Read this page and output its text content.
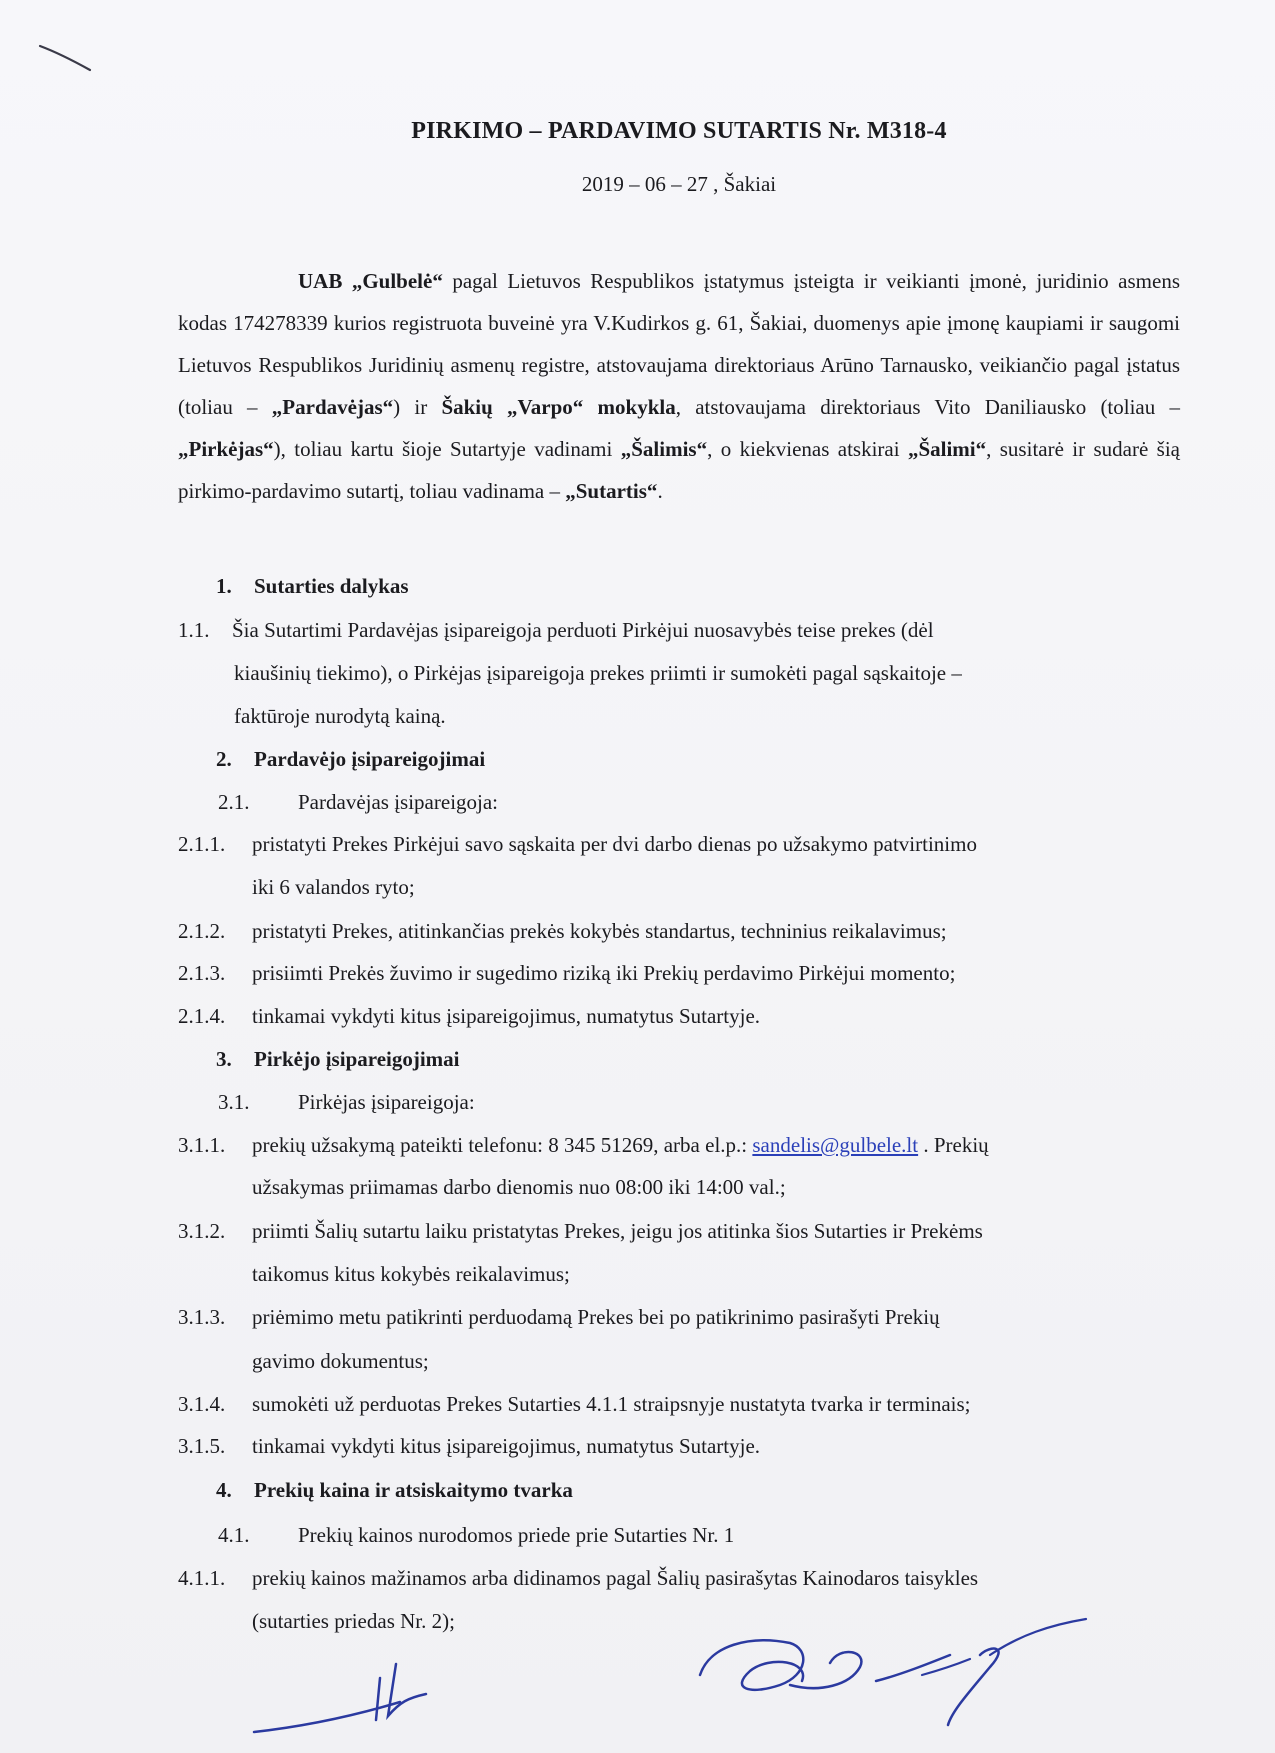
PIRKIMO – PARDAVIMO SUTARTIS Nr. M318-4
2019 – 06 – 27 , Šakiai
UAB „Gulbelė“ pagal Lietuvos Respublikos įstatymus įsteigta ir veikianti įmonė, juridinio asmens kodas 174278339 kurios registruota buveinė yra V.Kudirkos g. 61, Šakiai, duomenys apie įmonę kaupiami ir saugomi Lietuvos Respublikos Juridinių asmenų registre, atstovaujama direktoriaus Arūno Tarnausko, veikiančio pagal įstatus (toliau – „Pardavėjas“) ir Šakių „Varpo“ mokykla, atstovaujama direktoriaus Vito Daniliausko (toliau – „Pirkėjas“), toliau kartu šioje Sutartyje vadinami „Šalimis“, o kiekvienas atskirai „Šalimi“, susitarė ir sudarė šią pirkimo-pardavimo sutartį, toliau vadinama – „Sutartis“.
1. Sutarties dalykas
1.1. Šia Sutartimi Pardavėjas įsipareigoja perduoti Pirkėjui nuosavybės teise prekes (dėl
kiaušinių tiekimo), o Pirkėjas įsipareigoja prekes priimti ir sumokėti pagal sąskaitoje –
faktūroje nurodytą kainą.
2. Pardavėjo įsipareigojimai
2.1. Pardavėjas įsipareigoja:
2.1.1. pristatyti Prekes Pirkėjui savo sąskaita per dvi darbo dienas po užsakymo patvirtinimo
iki 6 valandos ryto;
2.1.2. pristatyti Prekes, atitinkančias prekės kokybės standartus, techninius reikalavimus;
2.1.3. prisiimti Prekės žuvimo ir sugedimo riziką iki Prekių perdavimo Pirkėjui momento;
2.1.4. tinkamai vykdyti kitus įsipareigojimus, numatytus Sutartyje.
3. Pirkėjo įsipareigojimai
3.1. Pirkėjas įsipareigoja:
3.1.1. prekių užsakymą pateikti telefonu: 8 345 51269, arba el.p.: sandelis@gulbele.lt . Prekių
užsakymas priimamas darbo dienomis nuo 08:00 iki 14:00 val.;
3.1.2. priimti Šalių sutartu laiku pristatytas Prekes, jeigu jos atitinka šios Sutarties ir Prekėms
taikomus kitus kokybės reikalavimus;
3.1.3. priėmimo metu patikrinti perduodamą Prekes bei po patikrinimo pasirašyti Prekių
gavimo dokumentus;
3.1.4. sumokėti už perduotas Prekes Sutarties 4.1.1 straipsnyje nustatyta tvarka ir terminais;
3.1.5. tinkamai vykdyti kitus įsipareigojimus, numatytus Sutartyje.
4. Prekių kaina ir atsiskaitymo tvarka
4.1. Prekių kainos nurodomos priede prie Sutarties Nr. 1
4.1.1. prekių kainos mažinamos arba didinamos pagal Šalių pasirašytas Kainodaros taisykles
(sutarties priedas Nr. 2);
